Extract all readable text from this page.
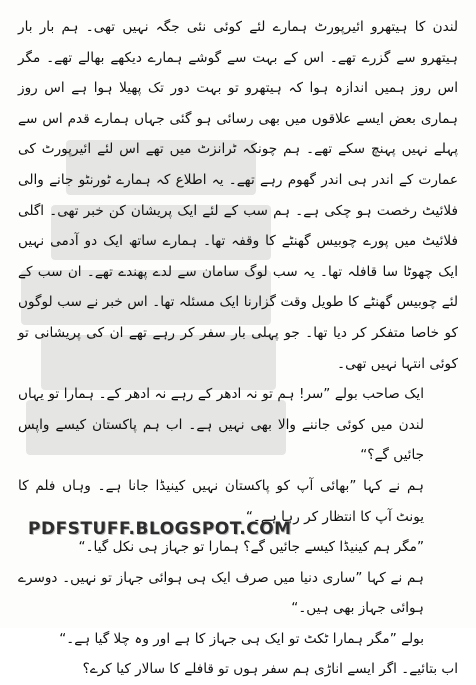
لندن کا ہیتھرو ائیرپورٹ ہمارے لئے کوئی نئی جگہ نہیں تھی۔ ہم بار بار ہیتھرو سے گزرے تھے۔ اس کے بہت سے گوشے ہمارے دیکھے بھالے تھے۔ مگر اس روز ہمیں اندازہ ہوا کہ ہیتھرو تو بہت دور تک پھیلا ہوا ہے اس روز ہماری بعض ایسے علاقوں میں بھی رسائی ہو گئی جہاں ہمارے قدم اس سے پہلے نہیں پہنچ سکے تھے۔ ہم چونکہ ٹرانزٹ میں تھے اس لئے ائیرپورٹ کی عمارت کے اندر ہی اندر گھوم رہے تھے۔ یہ اطلاع کہ ہمارے ٹورنٹو جانے والی فلائیٹ رخصت ہو چکی ہے۔ ہم سب کے لئے ایک پریشان کن خبر تھی۔ اگلی فلائیٹ میں پورے چوبیس گھنٹے کا وقفہ تھا۔ ہمارے ساتھ ایک دو آدمی نہیں ایک چھوٹا سا قافلہ تھا۔ یہ سب لوگ سامان سے لدے پھندے تھے۔ ان سب کے لئے چوبیس گھنٹے کا طویل وقت گزارنا ایک مسئلہ تھا۔ اس خبر نے سب لوگوں کو خاصا متفکر کر دیا تھا۔ جو پہلی بار سفر کر رہے تھے ان کی پریشانی تو کوئی انتہا نہیں تھی۔

ایک صاحب بولے ”سر! ہم تو نہ ادھر کے رہے نہ ادھر کے۔ ہمارا تو یہاں لندن میں کوئی جاننے والا بھی نہیں ہے۔ اب ہم پاکستان کیسے واپس جائیں گے؟“

ہم نے کہا ”بھائی آپ کو پاکستان نہیں کینیڈا جانا ہے۔ وہاں فلم کا یونٹ آپ کا انتظار کر رہا ہے۔“

”مگر ہم کینیڈا کیسے جائیں گے؟ ہمارا تو جہاز ہی نکل گیا۔“

ہم نے کہا ”ساری دنیا میں صرف ایک ہی ہوائی جہاز تو نہیں۔ دوسرے ہوائی جہاز بھی ہیں۔“

بولے ”مگر ہمارا ٹکٹ تو ایک ہی جہاز کا ہے اور وہ چلا گیا ہے۔“

اب بتائیے۔ اگر ایسے اناڑی ہم سفر ہوں تو قافلے کا سالار کیا کرے؟

PDFSTUFF.BLOGSPOT.COM
